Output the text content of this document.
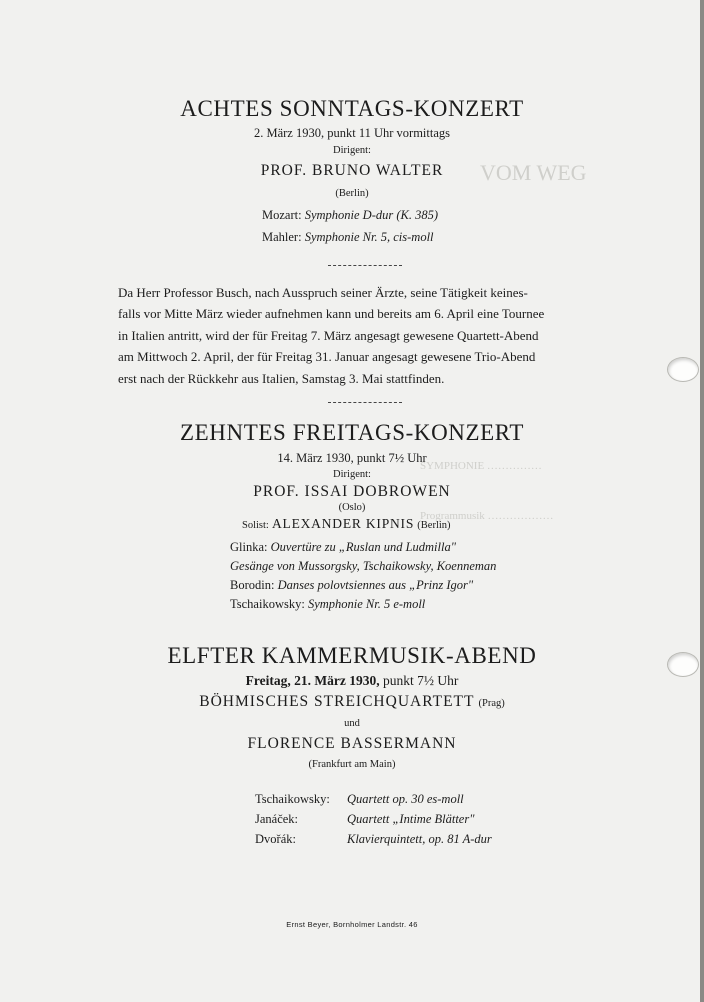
VOM WEG
SYMPHONIE ……………
Programmusik ………………
ACHTES SONNTAGS-KONZERT
2. März 1930, punkt 11 Uhr vormittags
Dirigent:
PROF. BRUNO WALTER
(Berlin)
Mozart: Symphonie D-dur (K. 385)
Mahler: Symphonie Nr. 5, cis-moll
Da Herr Professor Busch, nach Ausspruch seiner Ärzte, seine Tätigkeit keines-
falls vor Mitte März wieder aufnehmen kann und bereits am 6. April eine Tournee
in Italien antritt, wird der für Freitag 7. März angesagt gewesene Quartett-Abend
am Mittwoch 2. April, der für Freitag 31. Januar angesagt gewesene Trio-Abend
erst nach der Rückkehr aus Italien, Samstag 3. Mai stattfinden.
ZEHNTES FREITAGS-KONZERT
14. März 1930, punkt 7½ Uhr
Dirigent:
PROF. ISSAI DOBROWEN
(Oslo)
Solist: ALEXANDER KIPNIS (Berlin)
Glinka: Ouvertüre zu „Ruslan und Ludmilla"
Gesänge von Mussorgsky, Tschaikowsky, Koenneman
Borodin: Danses polovtsiennes aus „Prinz Igor"
Tschaikowsky: Symphonie Nr. 5 e-moll
ELFTER KAMMERMUSIK-ABEND
Freitag, 21. März 1930, punkt 7½ Uhr
BÖHMISCHES STREICHQUARTETT (Prag)
und
FLORENCE BASSERMANN
(Frankfurt am Main)
Tschaikowsky: Quartett op. 30 es-moll
Janáček:	Quartett „Intime Blätter"
Dvořák:	Klavierquintett, op. 81 A-dur
Ernst Beyer, Bornholmer Landstr. 46
